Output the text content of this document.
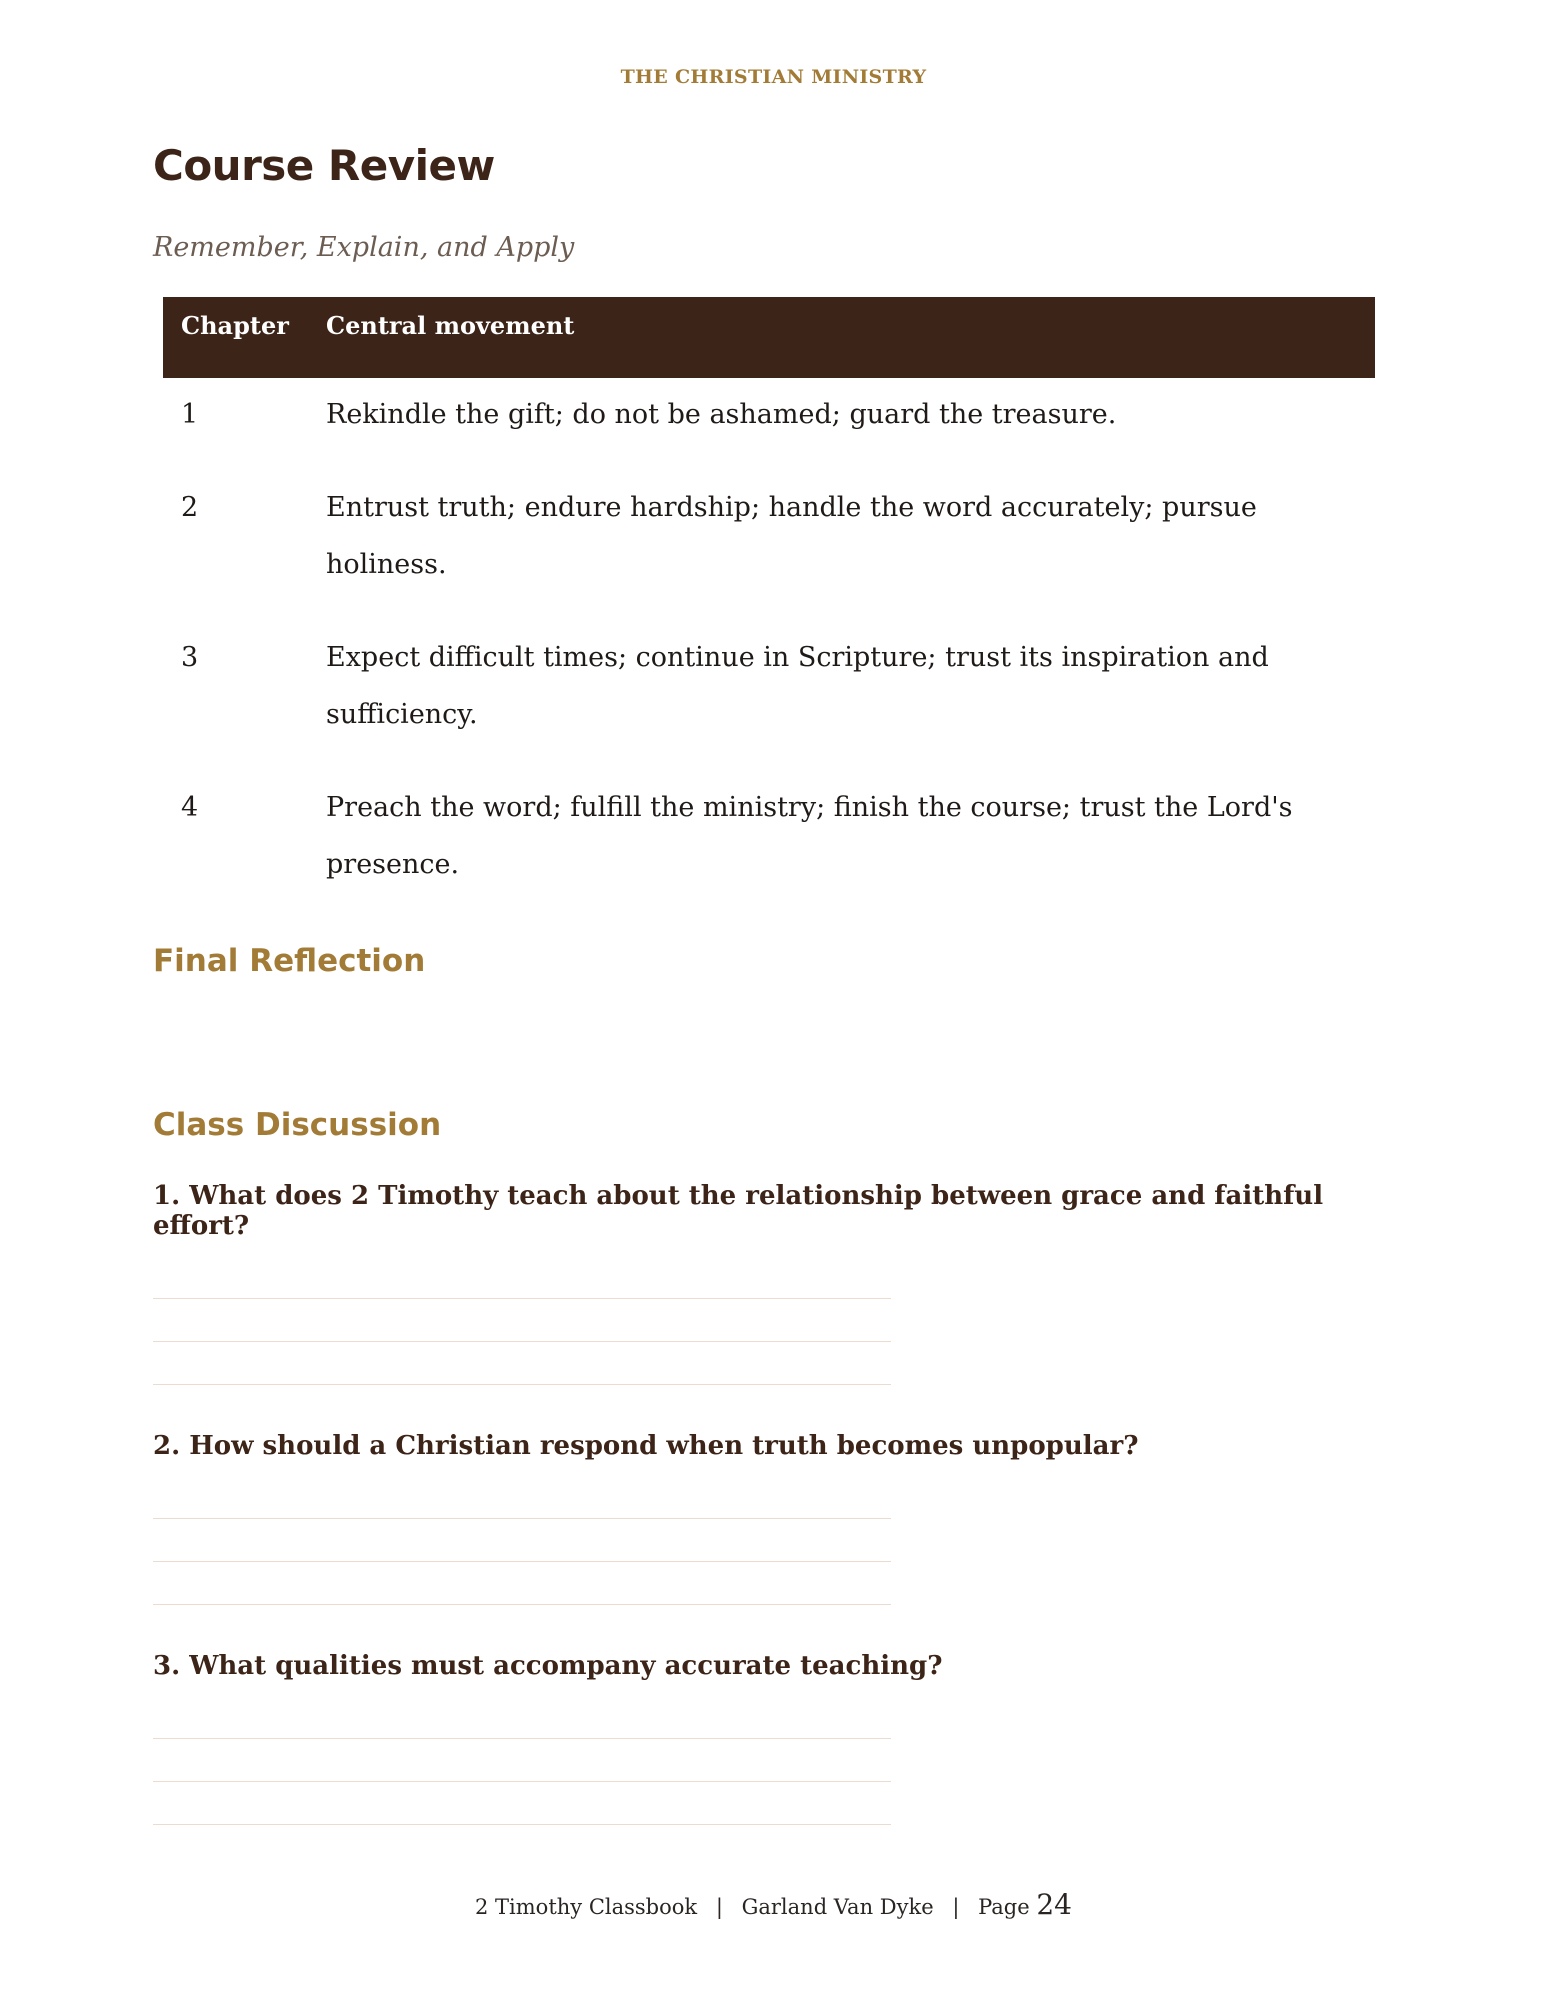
THE CHRISTIAN MINISTRY
Course Review
Remember, Explain, and Apply
Chapter	Central movement
1	Rekindle the gift; do not be ashamed; guard the treasure.
2	Entrust truth; endure hardship; handle the word accurately; pursue holiness.
3	Expect difficult times; continue in Scripture; trust its inspiration and sufficiency.
4	Preach the word; fulfill the ministry; finish the course; trust the Lord's presence.
Final Reflection
Class Discussion
1. What does 2 Timothy teach about the relationship between grace and faithful effort?
2. How should a Christian respond when truth becomes unpopular?
3. What qualities must accompany accurate teaching?
2 Timothy Classbook | Garland Van Dyke | Page 24
